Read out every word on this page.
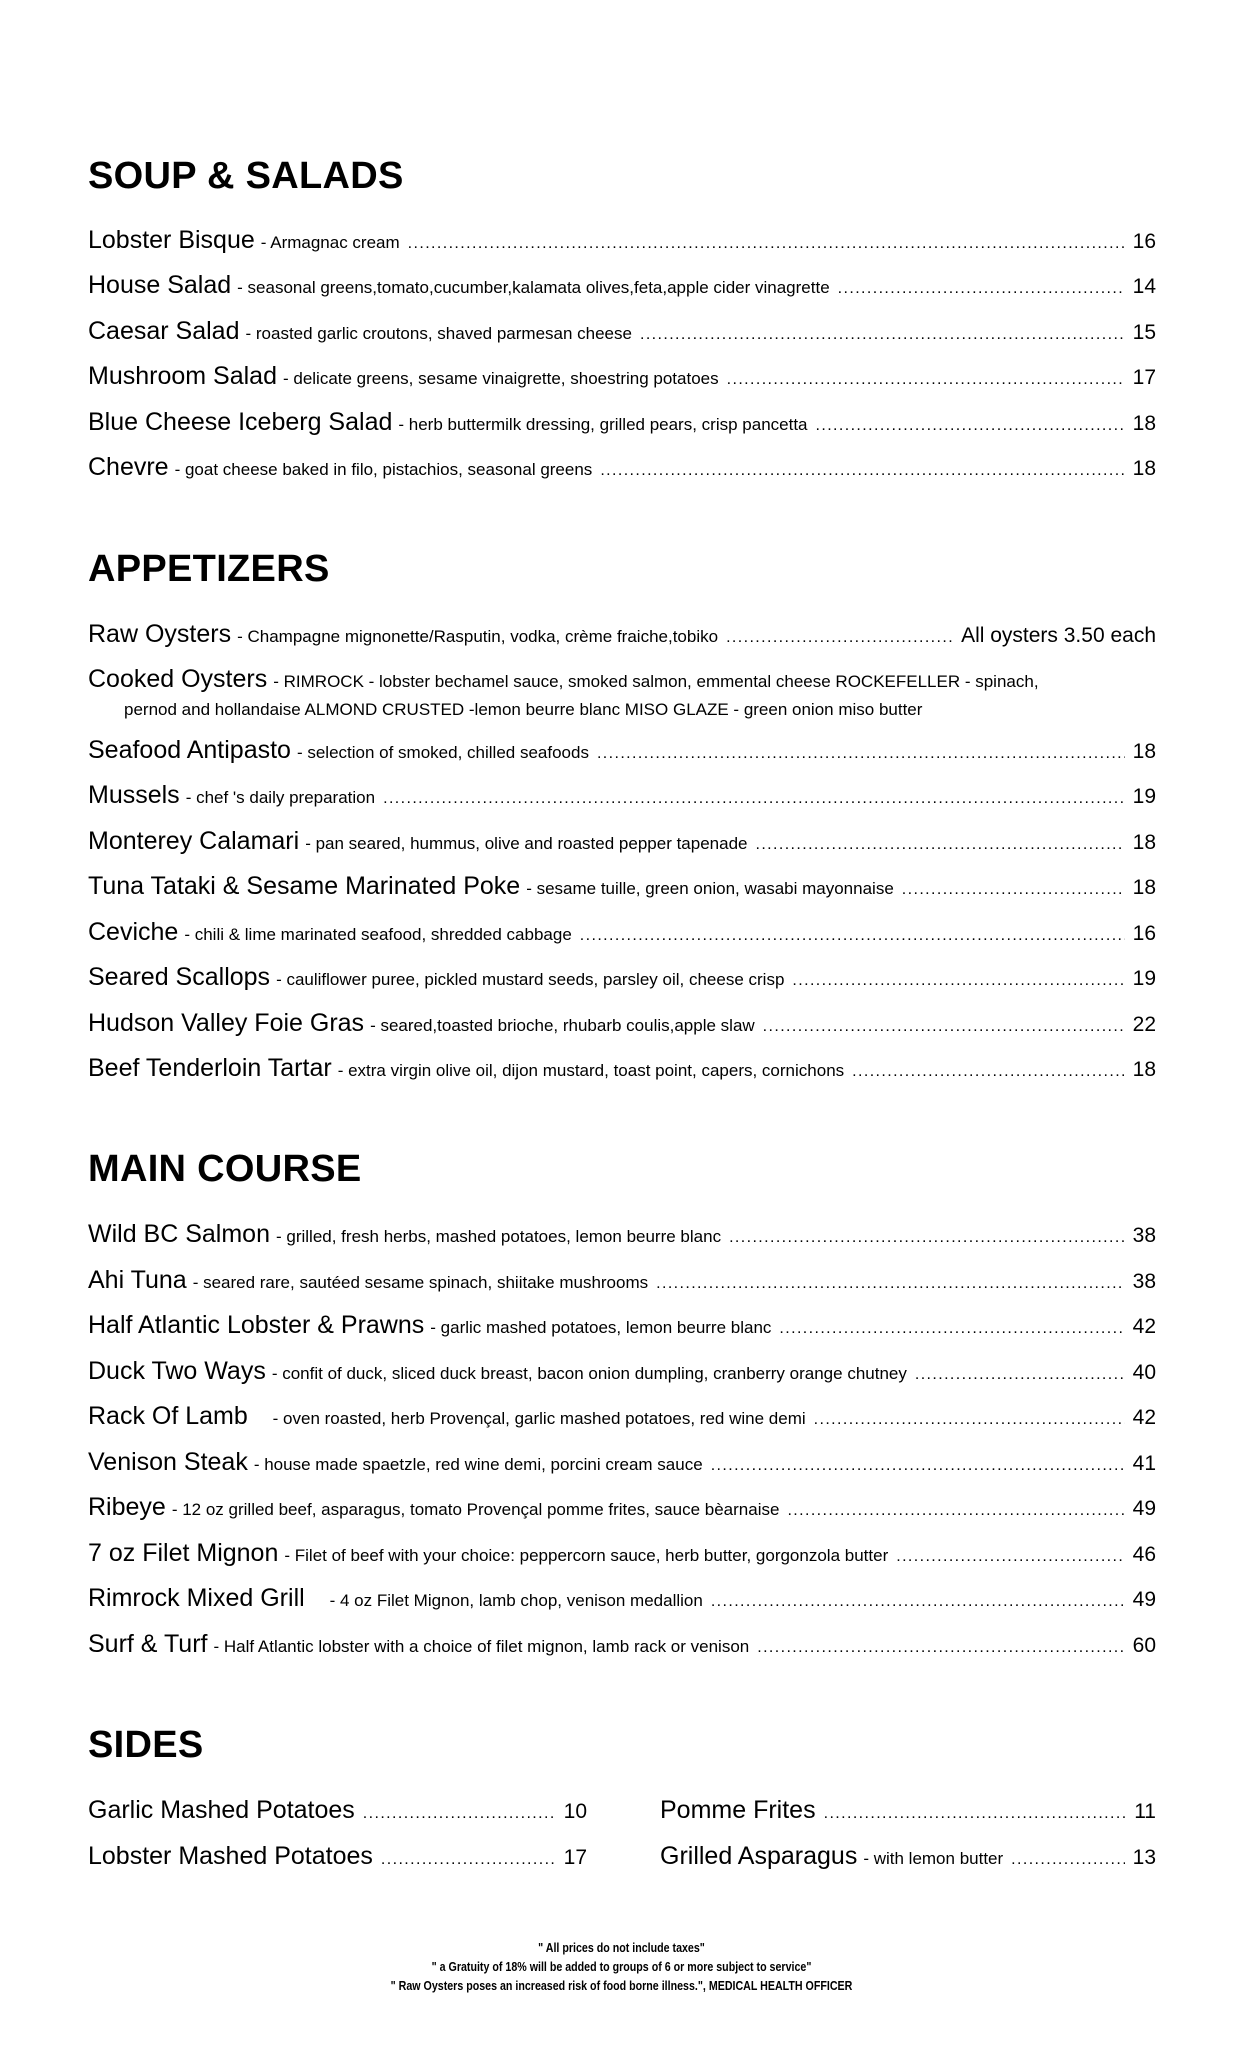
SOUP & SALADS
Lobster Bisque - Armagnac cream .....	16
House Salad - seasonal greens,tomato,cucumber,kalamata olives,feta,apple cider vinagrette .....	14
Caesar Salad - roasted garlic croutons, shaved parmesan cheese .....	15
Mushroom Salad - delicate greens, sesame vinaigrette, shoestring potatoes .....	17
Blue Cheese Iceberg Salad - herb buttermilk dressing, grilled pears, crisp pancetta .....	18
Chevre - goat cheese baked in filo, pistachios, seasonal greens .....	18
APPETIZERS
Raw Oysters - Champagne mignonette/Rasputin, vodka, crème fraiche,tobiko .....	All oysters 3.50 each
Cooked Oysters - RIMROCK - lobster bechamel sauce, smoked salmon, emmental cheese ROCKEFELLER - spinach,
pernod and hollandaise ALMOND CRUSTED -lemon beurre blanc MISO GLAZE - green onion miso butter
Seafood Antipasto - selection of smoked, chilled seafoods .....	18
Mussels - chef 's daily preparation .....	19
Monterey Calamari - pan seared, hummus, olive and roasted pepper tapenade .....	18
Tuna Tataki & Sesame Marinated Poke - sesame tuille, green onion, wasabi mayonnaise .....	18
Ceviche - chili & lime marinated seafood, shredded cabbage .....	16
Seared Scallops - cauliflower puree, pickled mustard seeds, parsley oil, cheese crisp .....	19
Hudson Valley Foie Gras - seared,toasted brioche, rhubarb coulis,apple slaw .....	22
Beef Tenderloin Tartar - extra virgin olive oil, dijon mustard, toast point, capers, cornichons .....	18
MAIN COURSE
Wild BC Salmon - grilled, fresh herbs, mashed potatoes, lemon beurre blanc .....	38
Ahi Tuna - seared rare, sautéed sesame spinach, shiitake mushrooms .....	38
Half Atlantic Lobster & Prawns - garlic mashed potatoes, lemon beurre blanc .....	42
Duck Two Ways - confit of duck, sliced duck breast, bacon onion dumpling, cranberry orange chutney .....	40
Rack Of Lamb - oven roasted, herb Provençal, garlic mashed potatoes, red wine demi .....	42
Venison Steak - house made spaetzle, red wine demi, porcini cream sauce .....	41
Ribeye - 12 oz grilled beef, asparagus, tomato Provençal pomme frites, sauce bèarnaise .....	49
7 oz Filet Mignon - Filet of beef with your choice: peppercorn sauce, herb butter, gorgonzola butter .....	46
Rimrock Mixed Grill - 4 oz Filet Mignon, lamb chop, venison medallion .....	49
Surf & Turf - Half Atlantic lobster with a choice of filet mignon, lamb rack or venison .....	60
SIDES
Garlic Mashed Potatoes .....	10
Lobster Mashed Potatoes .....	17
Pomme Frites .....	11
Grilled Asparagus - with lemon butter .....	13
" All prices do not include taxes"
" a Gratuity of 18% will be added to groups of 6 or more subject to service"
" Raw Oysters poses an increased risk of food borne illness.", MEDICAL HEALTH OFFICER
